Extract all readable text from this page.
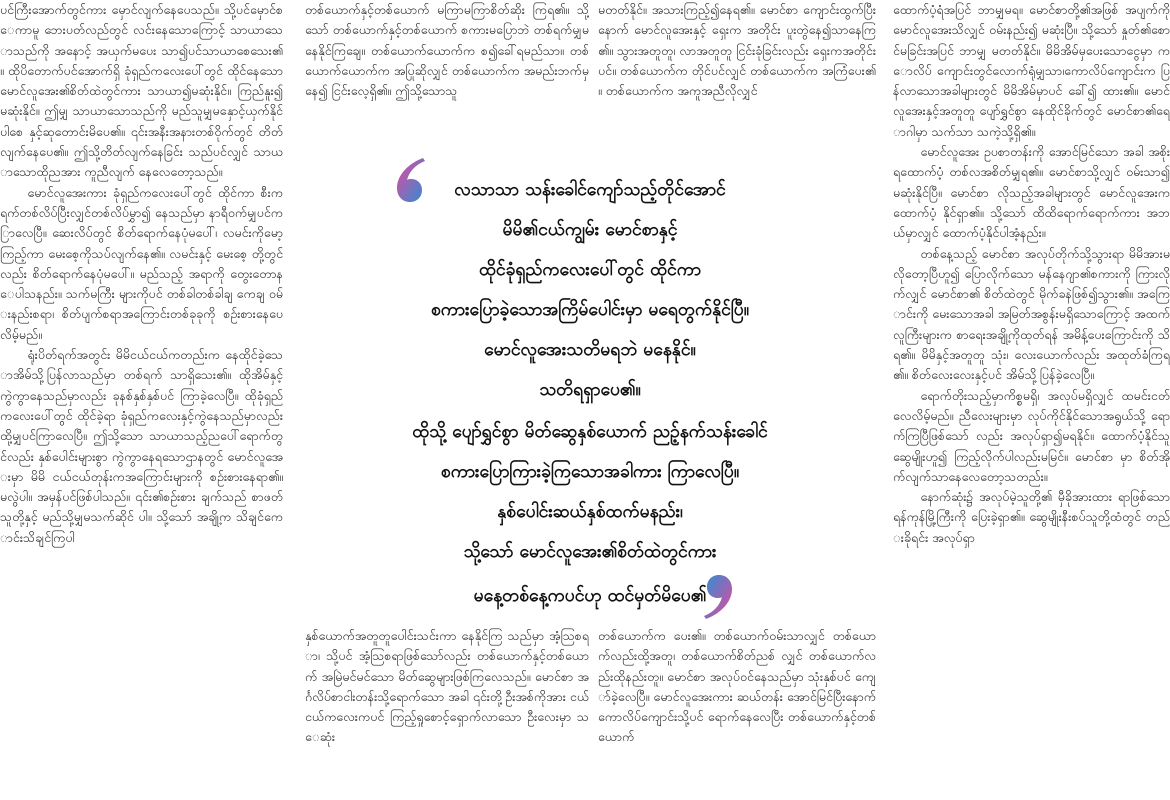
ပင်ကြီးအောက်တွင်ကား မှောင်လျက်နေပေသည်။ သို့ပင်မှောင်စေကာမူ ဘေးပတ်လည်တွင် လင်းနေသောကြောင့် သာယာသောသည်ကို အနောင့် အယှက်မပေး သာ၍ပင်သာယာစေသေး၏။ ထိုပိတောက်ပင်အောက်ရှိ ခုံရှည်ကလေးပေါ်တွင် ထိုင်နေသော မောင်လူအေး၏စိတ်ထဲတွင်ကား သာယာ၍မဆုံးနိုင်။ ကြည်နူး၍မဆုံးနိုင်။ ဤမျှ သာယာသောသည်ကို မည်သူမျှမနှောင့်ယှက်နိုင်ပါစေ နှင့်ဆုတောင်းမိပေ၏။ ၎င်းအနီးအနားတစ်ဝိုက်တွင် တိတ်လျက်နေပေ၏။ ဤသို့တိတ်လျက်နေခြင်း သည်ပင်လျှင် သာယာသောထိုညအား ကူညီလျက် နေလေတော့သည်။

မောင်လူအေးကား ခုံရှည်ကလေးပေါ်တွင် ထိုင်ကာ စီးကရက်တစ်လိပ်ပြီးလျှင်တစ်လိပ်မွှာ၍ နေသည်မှာ နာရီဝက်မျှပင်ကြာလေပြီ။ ဆေးလိပ်တွင် စိတ်ရောက်နေပုံမပေါ်၊ လမင်းကိုမော့ကြည့်ကာ မေးစေ့ကိုသပ်လျက်နေ၏။ လမင်းနှင့် မေးစေ့ တို့တွင်လည်း စိတ်ရောက်နေပုံမပေါ်။ မည်သည့် အရာကို တွေးတောနေပါသနည်း။ သက်မကြီး များကိုပင် တစ်ခါတစ်ခါချ ကေချ ဝမ်းနည်းစရာ၊ စိတ်ပျက်စရာအကြောင်းတစ်ခုခုကို စဉ်းစားနေပေ လိမ့်မည်။

ရုံးပိတ်ရက်အတွင်း မိမိငယ်ငယ်ကတည်းက နေထိုင်ခဲ့သောအိမ်သို့ပြန်လာသည်မှာ တစ်ရက် သာရှိသေး၏။ ထိုအိမ်နှင့်ကွဲကွာနေသည်မှာလည်း ခုနစ်နှစ်နှစ်ပင် ကြာခဲ့လေပြီ။ ထိုခုံရှည်ကလေးပေါ်တွင် ထိုင်ခဲ့ရာ ခုံရှည်ကလေးနှင့်ကွဲနေသည်မှာလည်း ထို့မျှပင်ကြာလေပြီ။ ဤသို့သော သာယာသည့်ညပေါ်ရောက်တွင်လည်း နှစ်ပေါင်းများစွာ ကွဲကွာနေရသောဌာနတွင် မောင်လူအေးမှာ မိမိ ငယ်ငယ်တုန်းကအကြောင်းများကို စဉ်းစားနေရာ၏။ မလွဲပါ။ အမှန်ပင်ဖြစ်ပါသည်။ ၎င်း၏စဉ်းစား ချက်သည် စာဖတ်သူတို့နှင့် မည်သို့မျှမသက်ဆိုင် ပါ။ သို့သော် အချို့က သိချင်ကောင်းသိချင်ကြပါ

တစ်ယောက်နှင့်တစ်ယောက် မကြာမကြာစိတ်ဆိုး ကြရ၏။ သို့သော် တစ်ယောက်နှင့်တစ်ယောက် စကားမပြောဘဲ တစ်ရက်မျှမနေနိုင်ကြချေ။ တစ်ယောက်ယောက်က စ၍ခေါ်ရမည်သာ။ တစ်ယောက်ယောက်က အပြုဆိုလျှင် တစ်ယောက်က အမည်းဘက်မှနေ၍ ငြင်းလေ့ရှိ၏။ ဤသို့သောသူ

မတတ်နိုင်။ အသားကြည့်၍နေရ၏။ မောင်စာ ကျောင်းထွက်ပြီးနောက် မောင်လူအေးနှင့် ရှေးက အတိုင်း ပူးတွဲနေ၍သာနေကြ၏။ သွားအတူတူ၊ လာအတူတူ ငြင်းခုံခြင်းလည်း ရှေးကအတိုင်းပင်။ တစ်ယောက်က တိုင်ပင်လျှင် တစ်ယောက်က အကြံပေး၏။ တစ်ယောက်က အကူအညီလိုလျှင်

လသာသာ သန်းခေါင်ကျော်သည့်တိုင်အောင်
မိမိ၏ငယ်ကျွမ်း မောင်စာနှင့်
ထိုင်ခုံရှည်ကလေးပေါ်တွင် ထိုင်ကာ
စကားပြောခဲ့သောအကြိမ်ပေါင်းမှာ မရေတွက်နိုင်ပြီ။
မောင်လူအေးသတိမရဘဲ မနေနိုင်။
သတိရရှာပေ၏။
ထိုသို့ ပျော်ရွှင်စွာ မိတ်ဆွေနှစ်ယောက် ညဉ့်နက်သန်းခေါင်
စကားပြောကြားခဲ့ကြသောအခါကား ကြာလေပြီ။
နှစ်ပေါင်းဆယ်နှစ်ထက်မနည်း၊
သို့သော် မောင်လူအေး၏စိတ်ထဲတွင်ကား
မနေ့တစ်နေ့ကပင်ဟု ထင်မှတ်မိပေ၏

နှစ်ယောက်အတူတူပေါင်းသင်းကာ နေနိုင်ကြ သည်မှာ အံ့သြစရာ၊ သို့ပင် အံ့သြစရာဖြစ်သော်လည်း တစ်ယောက်နှင့်တစ်ယောက် အမြဲမင်မင်သော မိတ်ဆွေများဖြစ်ကြလေသည်။ မောင်စာ အင်္ဂလိပ်စာငါးတန်းသို့ရောက်သော အခါ ၎င်းတို့ဦးအစ်ကိုအား ငယ်ငယ်ကလေးကပင် ကြည့်ရှုစောင့်ရှောက်လာသော ဦးလေးမှာ သေဆုံး

တစ်ယောက်က ပေး၏။ တစ်ယောက်ဝမ်းသာလျှင် တစ်ယောက်လည်းထို့အတူ၊ တစ်ယောက်စိတ်ညစ် လျှင် တစ်ယောက်လည်းထိုနည်းတူ။ မောင်စာ အလုပ်ဝင်နေသည်မှာ သုံးနှစ်ပင် ကျော်ခဲ့လေပြီ။ မောင်လူအေးကား ဆယ်တန်း အောင်မြင်ပြီးနောက် ကောလိပ်ကျောင်းသို့ပင် ရောက်နေလေပြီး တစ်ယောက်နှင့်တစ်ယောက်

ထောက်ပံ့ရံအပြင် ဘာမျှမရ။ မောင်စာတို့၏အဖြစ် အပျက်ကို မောင်လူအေးသိလျှင် ဝမ်းနည်း၍ မဆုံးပြီ။ သို့သော် နှုတ်၏စောင်မခြင်းအပြင် ဘာမျှ မတတ်နိုင်။ မိမိအိမ်မှပေးသောငွေမှာ ကောလိပ် ကျောင်းတွင်လောက်ရုံမျှသာ၊ကောလိပ်ကျောင်းက ပြန်လာသောအခါများတွင် မိမိအိမ်မှာပင် ခေါ်၍ ထား၏။ မောင်လူအေးနှင့်အတူတူ ပျော်ရွှင်စွာ နေထိုင်ခိုက်တွင် မောင်စာ၏ရောဂါမှာ သက်သာ သကဲ့သို့ရှိ၏။

မောင်လူအေး ဥပစာတန်းကို အောင်မြင်သော အခါ အစိုးရထောက်ပံ့ တစ်လအစိတ်မျှရ၏။ မောင်စာသို့လျှင် ဝမ်းသာ၍မဆုံးနိုင်ပြီ။ မောင်စာ လိုသည့်အခါများတွင် မောင်လူအေးက ထောက်ပံ့ နိုင်ရှာ၏။ သို့သော် ထိထိရောက်ရောက်ကား အဘယ်မှာလျှင် ထောက်ပံ့နိုင်ပါအံ့နည်း။

တစ်နေ့သည့် မောင်စာ အလုပ်တိုက်သို့သွားရာ မိမိအားမလိုတော့ပြီဟူ၍ ပြောလိုက်သော မန်နေဂျာ၏စကားကို ကြားလိုက်လျှင် မောင်စာ၏ စိတ်ထဲတွင် မိုက်ခနဲဖြစ်၍သွား၏။ အကြောင်းကို မေးသောအခါ အမြတ်အစွန်းမရှိသောကြောင့် အထက်လူကြီးများက စာရေးအချို့ကိုထုတ်ရန် အမိန့်ပေးကြောင်းကို သိရ၏။ မိမိနှင့်အတူတူ သုံး၊ လေးယောက်လည်း အထုတ်ခံကြရ၏။ စိတ်လေးလေးနှင့်ပင် အိမ်သို့ပြန်ခဲ့လေပြီ။

ရောက်တိုးသည့်မှာကိစ္စမရှိ၊ အလုပ်မရှိလျှင် ထမင်းငတ်လေလိမ့်မည်။ ညီလေးများမှာ လုပ်ကိုင်နိုင်သောအရွယ်သို့ ရောက်ကြပြီဖြစ်သော် လည်း အလုပ်ရှာ၍မရနိုင်။ ထောက်ပံ့နိုင်သူ ဆွေမျိုးဟူ၍ ကြည့်လိုက်ပါလည်းမမြင်။ မောင်စာ မှာ စိတ်အိုက်လျက်သာနေလေတော့သတည်း။

နောက်ဆုံး၌ အလုပ်မဲ့သူတို့၏ မှီခိုအားထား ရာဖြစ်သော ရန်ကုန်မြို့ကြီးကို ပြေးခဲ့ရှာ၏။ ဆွေမျိုးနီးစပ်သူတို့ထံတွင် တည်းခိုရင်း အလုပ်ရှာ
